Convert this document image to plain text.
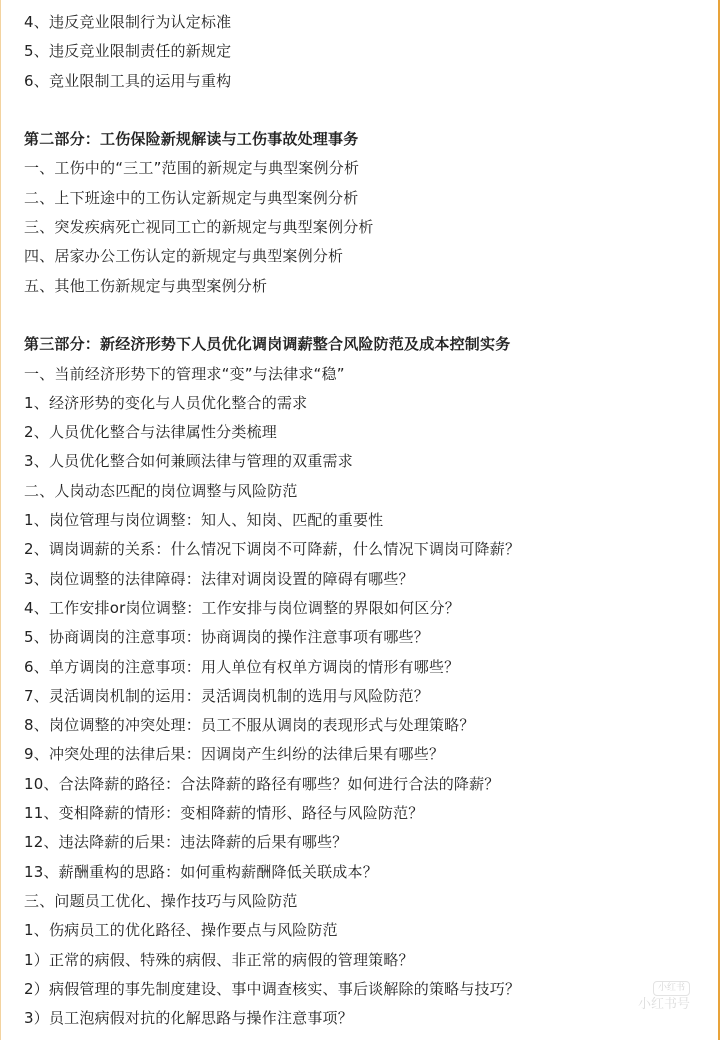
4、违反竞业限制行为认定标准
5、违反竞业限制责任的新规定
6、竞业限制工具的运用与重构
第二部分：工伤保险新规解读与工伤事故处理事务
一、工伤中的“三工”范围的新规定与典型案例分析
二、上下班途中的工伤认定新规定与典型案例分析
三、突发疾病死亡视同工亡的新规定与典型案例分析
四、居家办公工伤认定的新规定与典型案例分析
五、其他工伤新规定与典型案例分析
第三部分：新经济形势下人员优化调岗调薪整合风险防范及成本控制实务
一、当前经济形势下的管理求“变”与法律求“稳”
1、经济形势的变化与人员优化整合的需求
2、人员优化整合与法律属性分类梳理
3、人员优化整合如何兼顾法律与管理的双重需求
二、人岗动态匹配的岗位调整与风险防范
1、岗位管理与岗位调整：知人、知岗、匹配的重要性
2、调岗调薪的关系：什么情况下调岗不可降薪，什么情况下调岗可降薪？
3、岗位调整的法律障碍：法律对调岗设置的障碍有哪些？
4、工作安排or岗位调整：工作安排与岗位调整的界限如何区分？
5、协商调岗的注意事项：协商调岗的操作注意事项有哪些？
6、单方调岗的注意事项：用人单位有权单方调岗的情形有哪些？
7、灵活调岗机制的运用：灵活调岗机制的选用与风险防范？
8、岗位调整的冲突处理：员工不服从调岗的表现形式与处理策略？
9、冲突处理的法律后果：因调岗产生纠纷的法律后果有哪些？
10、合法降薪的路径：合法降薪的路径有哪些？如何进行合法的降薪？
11、变相降薪的情形：变相降薪的情形、路径与风险防范？
12、违法降薪的后果：违法降薪的后果有哪些？
13、薪酬重构的思路：如何重构薪酬降低关联成本？
三、问题员工优化、操作技巧与风险防范
1、伤病员工的优化路径、操作要点与风险防范
1）正常的病假、特殊的病假、非正常的病假的管理策略？
2）病假管理的事先制度建设、事中调查核实、事后谈解除的策略与技巧？
3）员工泡病假对抗的化解思路与操作注意事项？
小红书
小红书号
